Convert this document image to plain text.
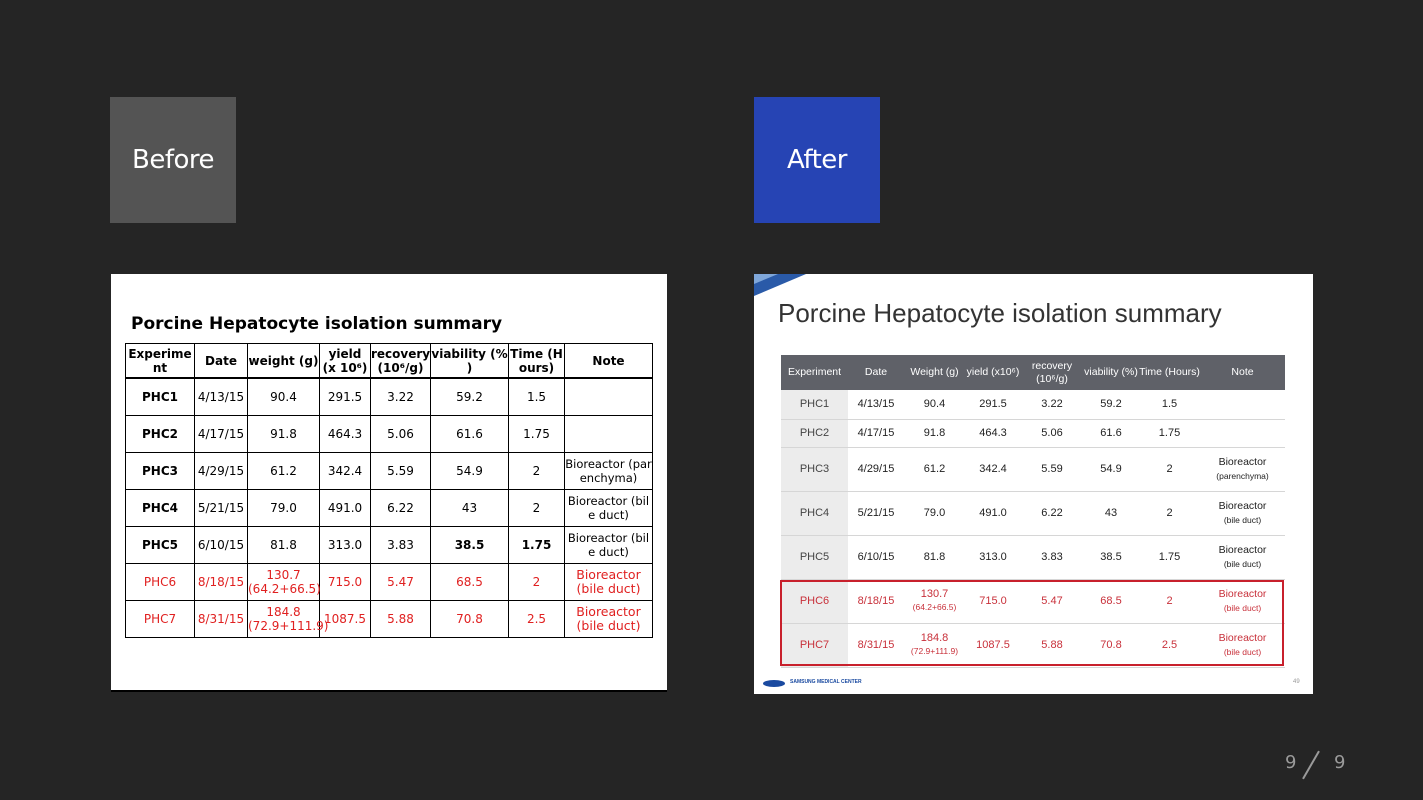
Before	After
Porcine Hepatocyte isolation summary
Experime nt	Date	weight (g)	yield (x 10⁶)	recovery (10⁶/g)	viability (% )	Time (H ours)	Note
PHC1	4/13/15	90.4	291.5	3.22	59.2	1.5	
PHC2	4/17/15	91.8	464.3	5.06	61.6	1.75	
PHC3	4/29/15	61.2	342.4	5.59	54.9	2	Bioreactor (par enchyma)
PHC4	5/21/15	79.0	491.0	6.22	43	2	Bioreactor (bil e duct)
PHC5	6/10/15	81.8	313.0	3.83	38.5	1.75	Bioreactor (bil e duct)
PHC6	8/18/15	130.7
(64.2+66.5)	715.0	5.47	68.5	2	Bioreactor (bile duct)
PHC7	8/31/15	184.8
(72.9+111.9)	1087.5	5.88	70.8	2.5	Bioreactor (bile duct)
Porcine Hepatocyte isolation summary
Experiment	Date	Weight (g)	yield (x10⁶)	recovery (10⁶/g)	viability (%)	Time (Hours)	Note
PHC1	4/13/15	90.4	291.5	3.22	59.2	1.5	
PHC2	4/17/15	91.8	464.3	5.06	61.6	1.75	
PHC3	4/29/15	61.2	342.4	5.59	54.9	2	Bioreactor
(parenchyma)
PHC4	5/21/15	79.0	491.0	6.22	43	2	Bioreactor
(bile duct)
PHC5	6/10/15	81.8	313.0	3.83	38.5	1.75	Bioreactor
(bile duct)
PHC6	8/18/15	130.7
(64.2+66.5)	715.0	5.47	68.5	2	Bioreactor
(bile duct)
PHC7	8/31/15	184.8
(72.9+111.9)	1087.5	5.88	70.8	2.5	Bioreactor
(bile duct)
SAMSUNG MEDICAL CENTER	49
9 9
